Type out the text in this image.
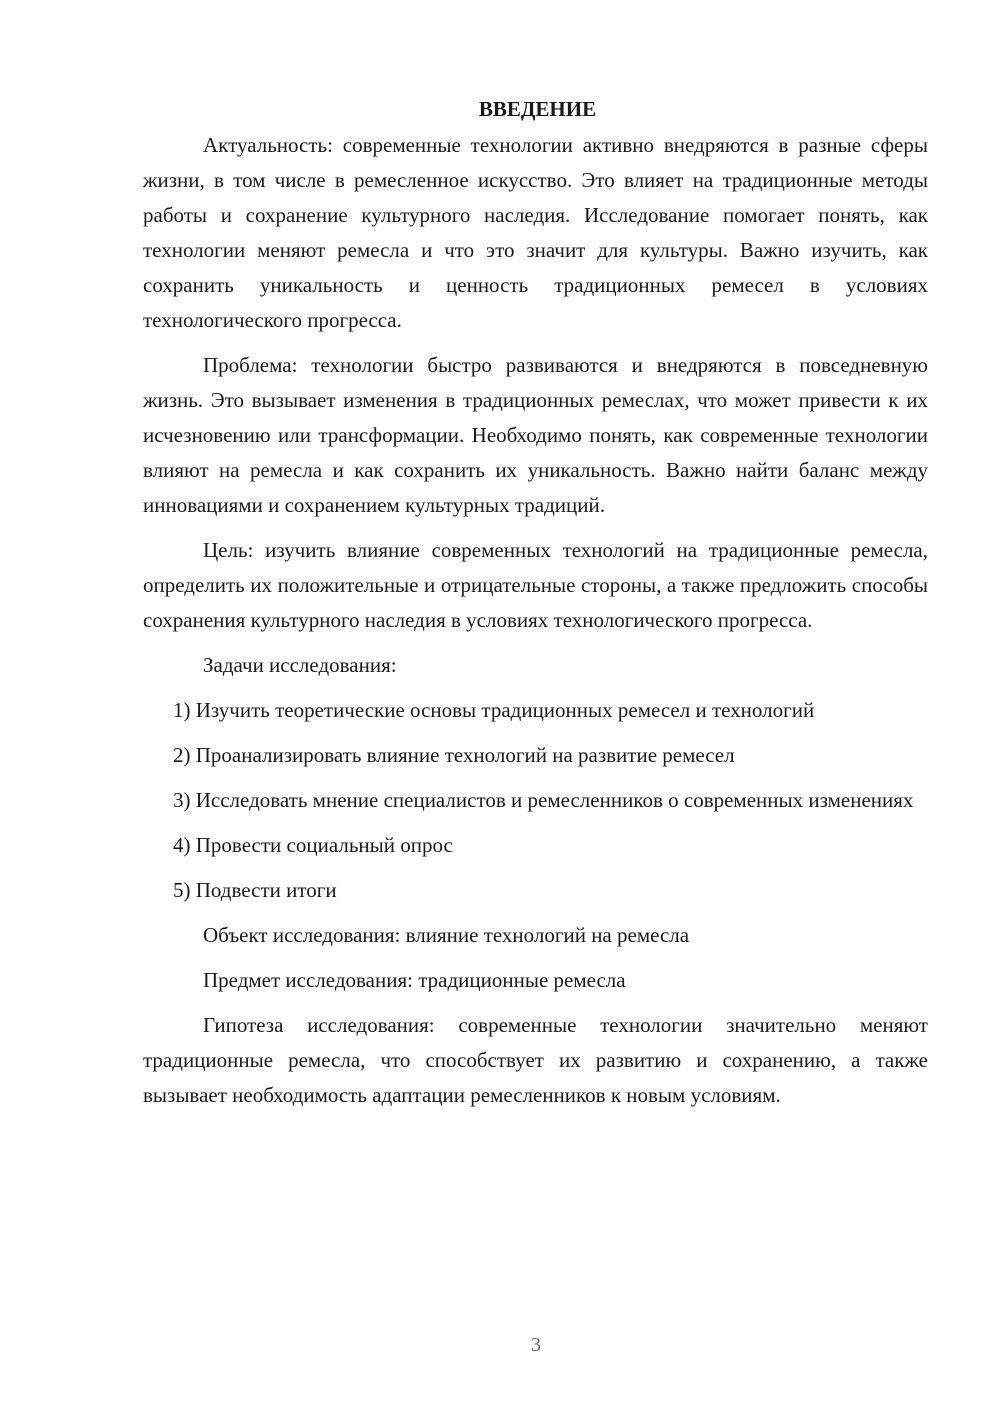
ВВЕДЕНИЕ

Актуальность: современные технологии активно внедряются в разные сферы жизни, в том числе в ремесленное искусство. Это влияет на традиционные методы работы и сохранение культурного наследия. Исследование помогает понять, как технологии меняют ремесла и что это значит для культуры. Важно изучить, как сохранить уникальность и ценность традиционных ремесел в условиях технологического прогресса.

Проблема: технологии быстро развиваются и внедряются в повседневную жизнь. Это вызывает изменения в традиционных ремеслах, что может привести к их исчезновению или трансформации. Необходимо понять, как современные технологии влияют на ремесла и как сохранить их уникальность. Важно найти баланс между инновациями и сохранением культурных традиций.

Цель: изучить влияние современных технологий на традиционные ремесла, определить их положительные и отрицательные стороны, а также предложить способы сохранения культурного наследия в условиях технологического прогресса.

Задачи исследования:

1) Изучить теоретические основы традиционных ремесел и технологий

2) Проанализировать влияние технологий на развитие ремесел

3) Исследовать мнение специалистов и ремесленников о современных изменениях

4) Провести социальный опрос

5) Подвести итоги

Объект исследования: влияние технологий на ремесла

Предмет исследования: традиционные ремесла

Гипотеза исследования: современные технологии значительно меняют традиционные ремесла, что способствует их развитию и сохранению, а также вызывает необходимость адаптации ремесленников к новым условиям.

3
